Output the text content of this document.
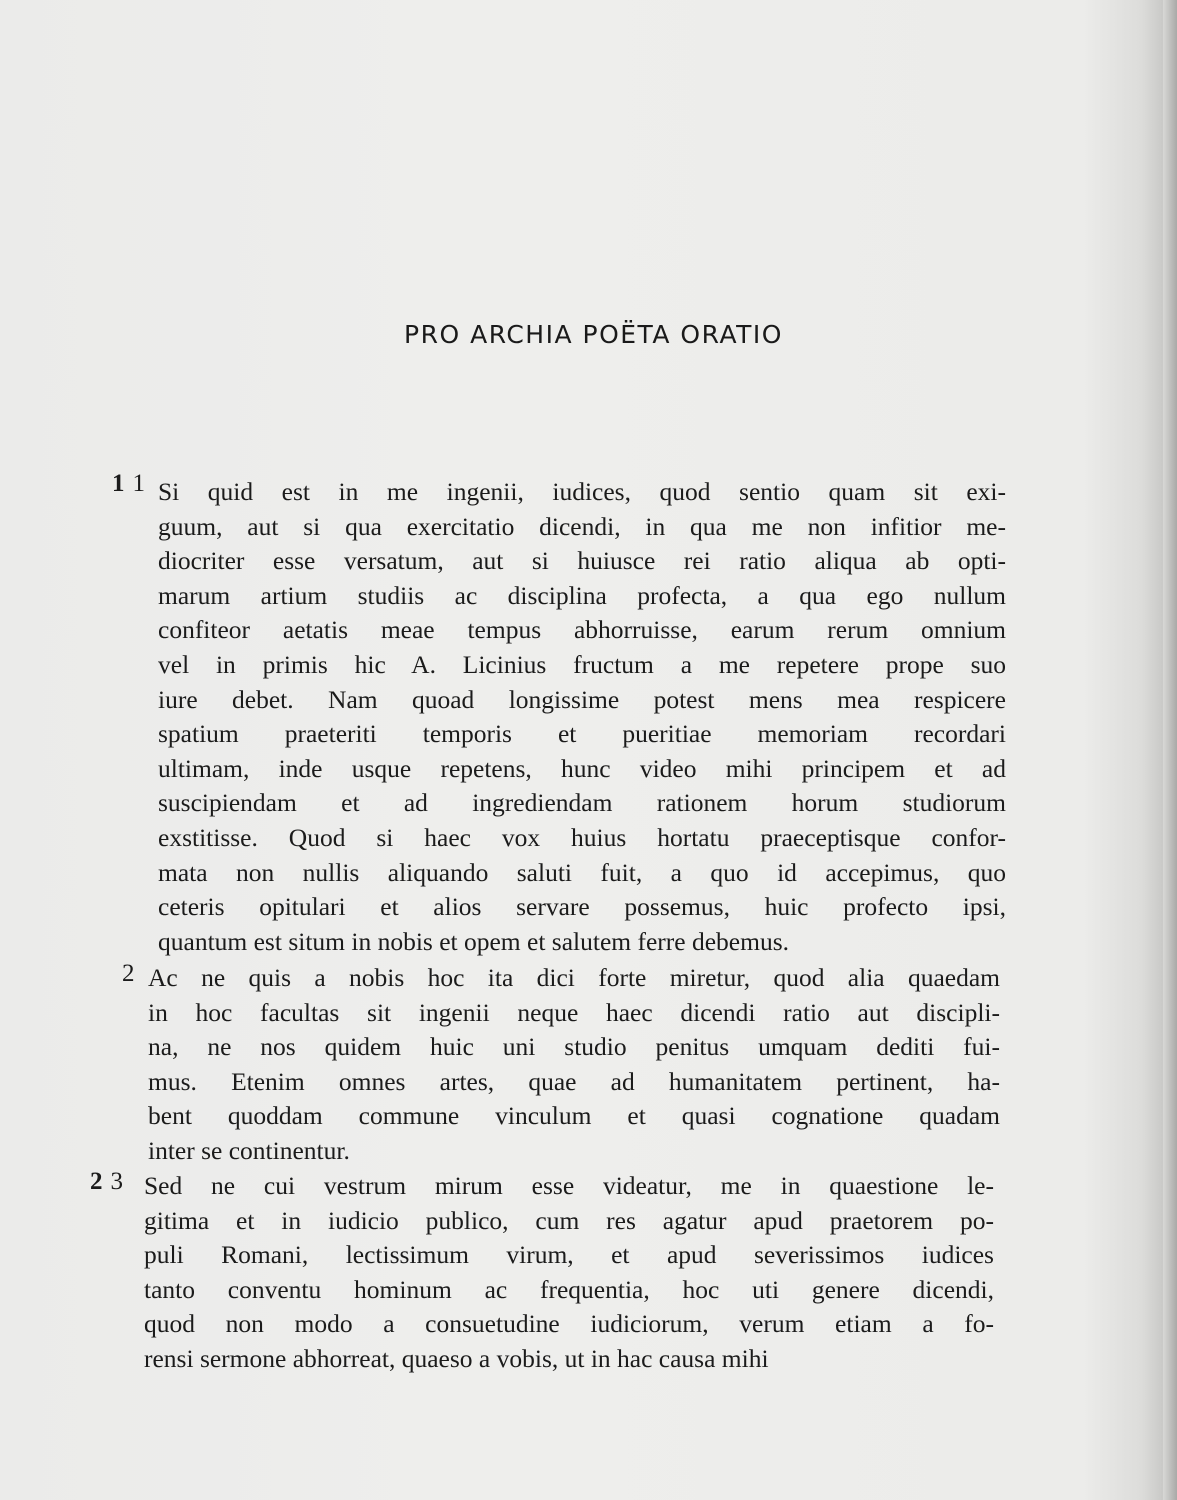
PRO ARCHIA POËTA ORATIO
1 1 Si quid est in me ingenii, iudices, quod sentio quam sit exi-
guum, aut si qua exercitatio dicendi, in qua me non infitior me-
diocriter esse versatum, aut si huiusce rei ratio aliqua ab opti-
marum artium studiis ac disciplina profecta, a qua ego nullum
confiteor aetatis meae tempus abhorruisse, earum rerum omnium
vel in primis hic A. Licinius fructum a me repetere prope suo
iure debet. Nam quoad longissime potest mens mea respicere
spatium praeteriti temporis et pueritiae memoriam recordari
ultimam, inde usque repetens, hunc video mihi principem et ad
suscipiendam et ad ingrediendam rationem horum studiorum
exstitisse. Quod si haec vox huius hortatu praeceptisque confor-
mata non nullis aliquando saluti fuit, a quo id accepimus, quo
ceteris opitulari et alios servare possemus, huic profecto ipsi,
quantum est situm in nobis et opem et salutem ferre debemus.
2 Ac ne quis a nobis hoc ita dici forte miretur, quod alia quaedam
in hoc facultas sit ingenii neque haec dicendi ratio aut discipli-
na, ne nos quidem huic uni studio penitus umquam dediti fui-
mus. Etenim omnes artes, quae ad humanitatem pertinent, ha-
bent quoddam commune vinculum et quasi cognatione quadam
inter se continentur.
2 3 Sed ne cui vestrum mirum esse videatur, me in quaestione le-
gitima et in iudicio publico, cum res agatur apud praetorem po-
puli Romani, lectissimum virum, et apud severissimos iudices
tanto conventu hominum ac frequentia, hoc uti genere dicendi,
quod non modo a consuetudine iudiciorum, verum etiam a fo-
rensi sermone abhorreat, quaeso a vobis, ut in hac causa mihi
